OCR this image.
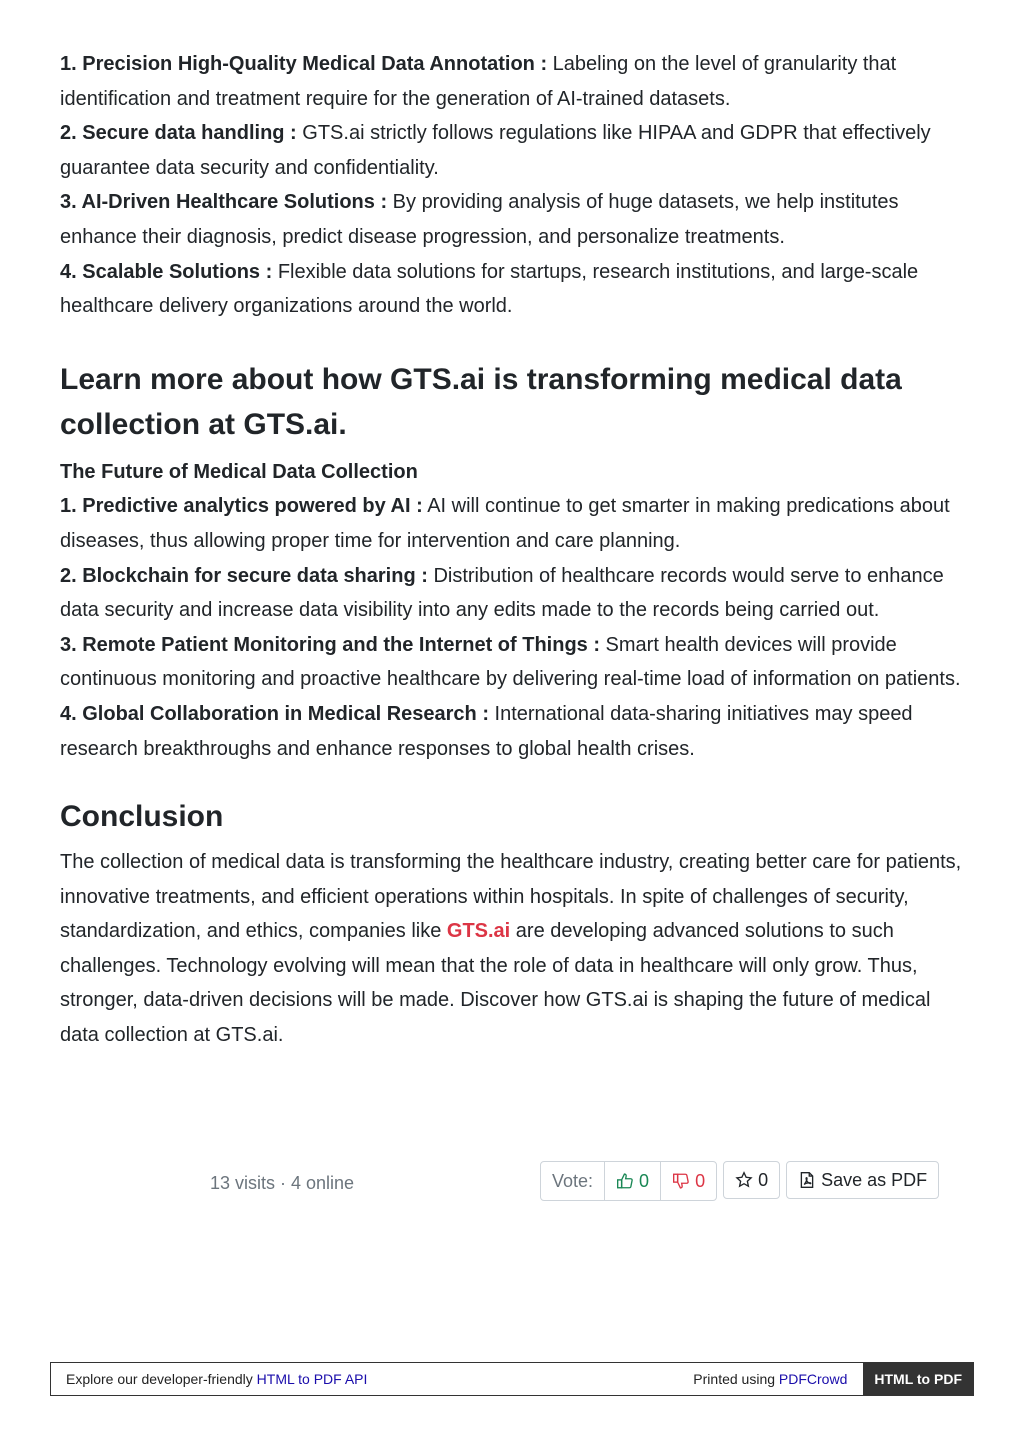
1. Precision High-Quality Medical Data Annotation : Labeling on the level of granularity that identification and treatment require for the generation of AI-trained datasets.

2. Secure data handling : GTS.ai strictly follows regulations like HIPAA and GDPR that effectively guarantee data security and confidentiality.

3. AI-Driven Healthcare Solutions : By providing analysis of huge datasets, we help institutes enhance their diagnosis, predict disease progression, and personalize treatments.

4. Scalable Solutions : Flexible data solutions for startups, research institutions, and large-scale healthcare delivery organizations around the world.

Learn more about how GTS.ai is transforming medical data collection at GTS.ai.
The Future of Medical Data Collection

1. Predictive analytics powered by AI : AI will continue to get smarter in making predications about diseases, thus allowing proper time for intervention and care planning.

2. Blockchain for secure data sharing : Distribution of healthcare records would serve to enhance data security and increase data visibility into any edits made to the records being carried out.

3. Remote Patient Monitoring and the Internet of Things : Smart health devices will provide continuous monitoring and proactive healthcare by delivering real-time load of information on patients.

4. Global Collaboration in Medical Research : International data-sharing initiatives may speed research breakthroughs and enhance responses to global health crises.

Conclusion

The collection of medical data is transforming the healthcare industry, creating better care for patients, innovative treatments, and efficient operations within hospitals. In spite of challenges of security, standardization, and ethics, companies like GTS.ai are developing advanced solutions to such challenges. Technology evolving will mean that the role of data in healthcare will only grow. Thus, stronger, data-driven decisions will be made. Discover how GTS.ai is shaping the future of medical data collection at GTS.ai.

13 visits · 4 online	Vote:	0	0	0	Save as PDF
Explore our developer-friendly HTML to PDF API	Printed using PDFCrowd	HTML to PDF
